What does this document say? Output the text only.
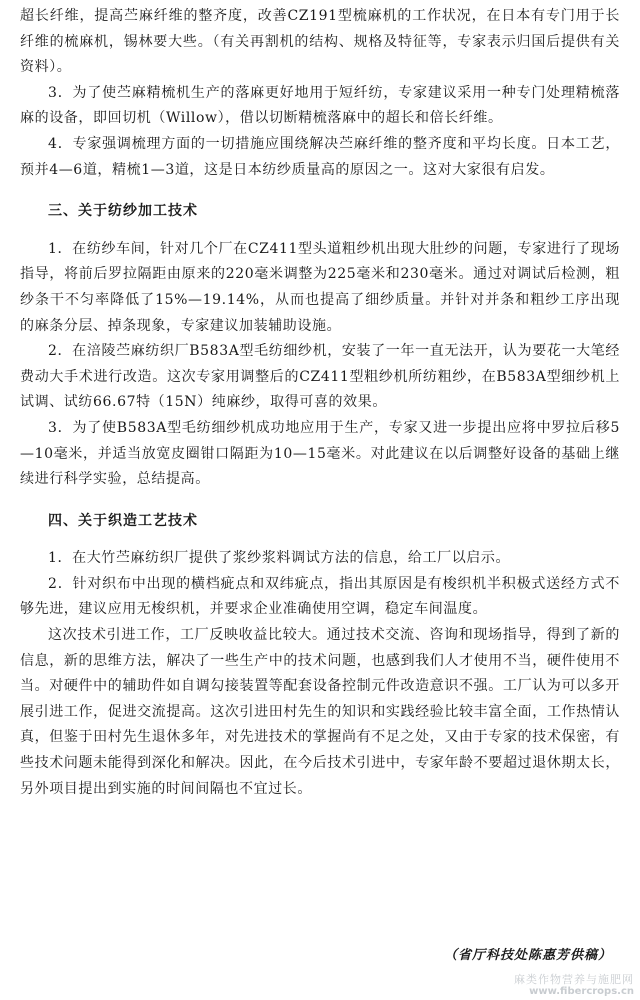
超长纤维，提高苎麻纤维的整齐度，改善CZ191型梳麻机的工作状况，在日本有专门用于长纤维的梳麻机，锡林要大些。（有关再割机的结构、规格及特征等，专家表示归国后提供有关资料）。

3．为了使苎麻精梳机生产的落麻更好地用于短纤纺，专家建议采用一种专门处理精梳落麻的设备，即回切机（Willow），借以切断精梳落麻中的超长和倍长纤维。

4．专家强调梳理方面的一切措施应围绕解决苎麻纤维的整齐度和平均长度。日本工艺，预并4—6道，精梳1—3道，这是日本纺纱质量高的原因之一。这对大家很有启发。

三、关于纺纱加工技术

1．在纺纱车间，针对几个厂在CZ411型头道粗纱机出现大肚纱的问题，专家进行了现场指导，将前后罗拉隔距由原来的220毫米调整为225毫米和230毫米。通过对调试后检测，粗纱条干不匀率降低了15%—19.14%，从而也提高了细纱质量。并针对并条和粗纱工序出现的麻条分层、掉条现象，专家建议加装辅助设施。

2．在涪陵苎麻纺织厂B583A型毛纺细纱机，安装了一年一直无法开，认为要花一大笔经费动大手术进行改造。这次专家用调整后的CZ411型粗纱机所纺粗纱，在B583A型细纱机上试调、试纺66.67特（15N）纯麻纱，取得可喜的效果。

3．为了使B583A型毛纺细纱机成功地应用于生产，专家又进一步提出应将中罗拉后移5—10毫米，并适当放宽皮圈钳口隔距为10—15毫米。对此建议在以后调整好设备的基础上继续进行科学实验，总结提高。

四、关于织造工艺技术

1．在大竹苎麻纺织厂提供了浆纱浆料调试方法的信息，给工厂以启示。

2．针对织布中出现的横档疵点和双纬疵点，指出其原因是有梭织机半积极式送经方式不够先进，建议应用无梭织机，并要求企业准确使用空调，稳定车间温度。

这次技术引进工作，工厂反映收益比较大。通过技术交流、咨询和现场指导，得到了新的信息，新的思维方法，解决了一些生产中的技术问题，也感到我们人才使用不当，硬件使用不当。对硬件中的辅助件如自调勾接装置等配套设备控制元件改造意识不强。工厂认为可以多开展引进工作，促进交流提高。这次引进田村先生的知识和实践经验比较丰富全面，工作热情认真，但鉴于田村先生退休多年，对先进技术的掌握尚有不足之处，又由于专家的技术保密，有些技术问题未能得到深化和解决。因此，在今后技术引进中，专家年龄不要超过退休期太长，另外项目提出到实施的时间间隔也不宜过长。

（省厅科技处陈惠芳供稿）
麻类作物营养与施肥网
www.fibercrops.cn
